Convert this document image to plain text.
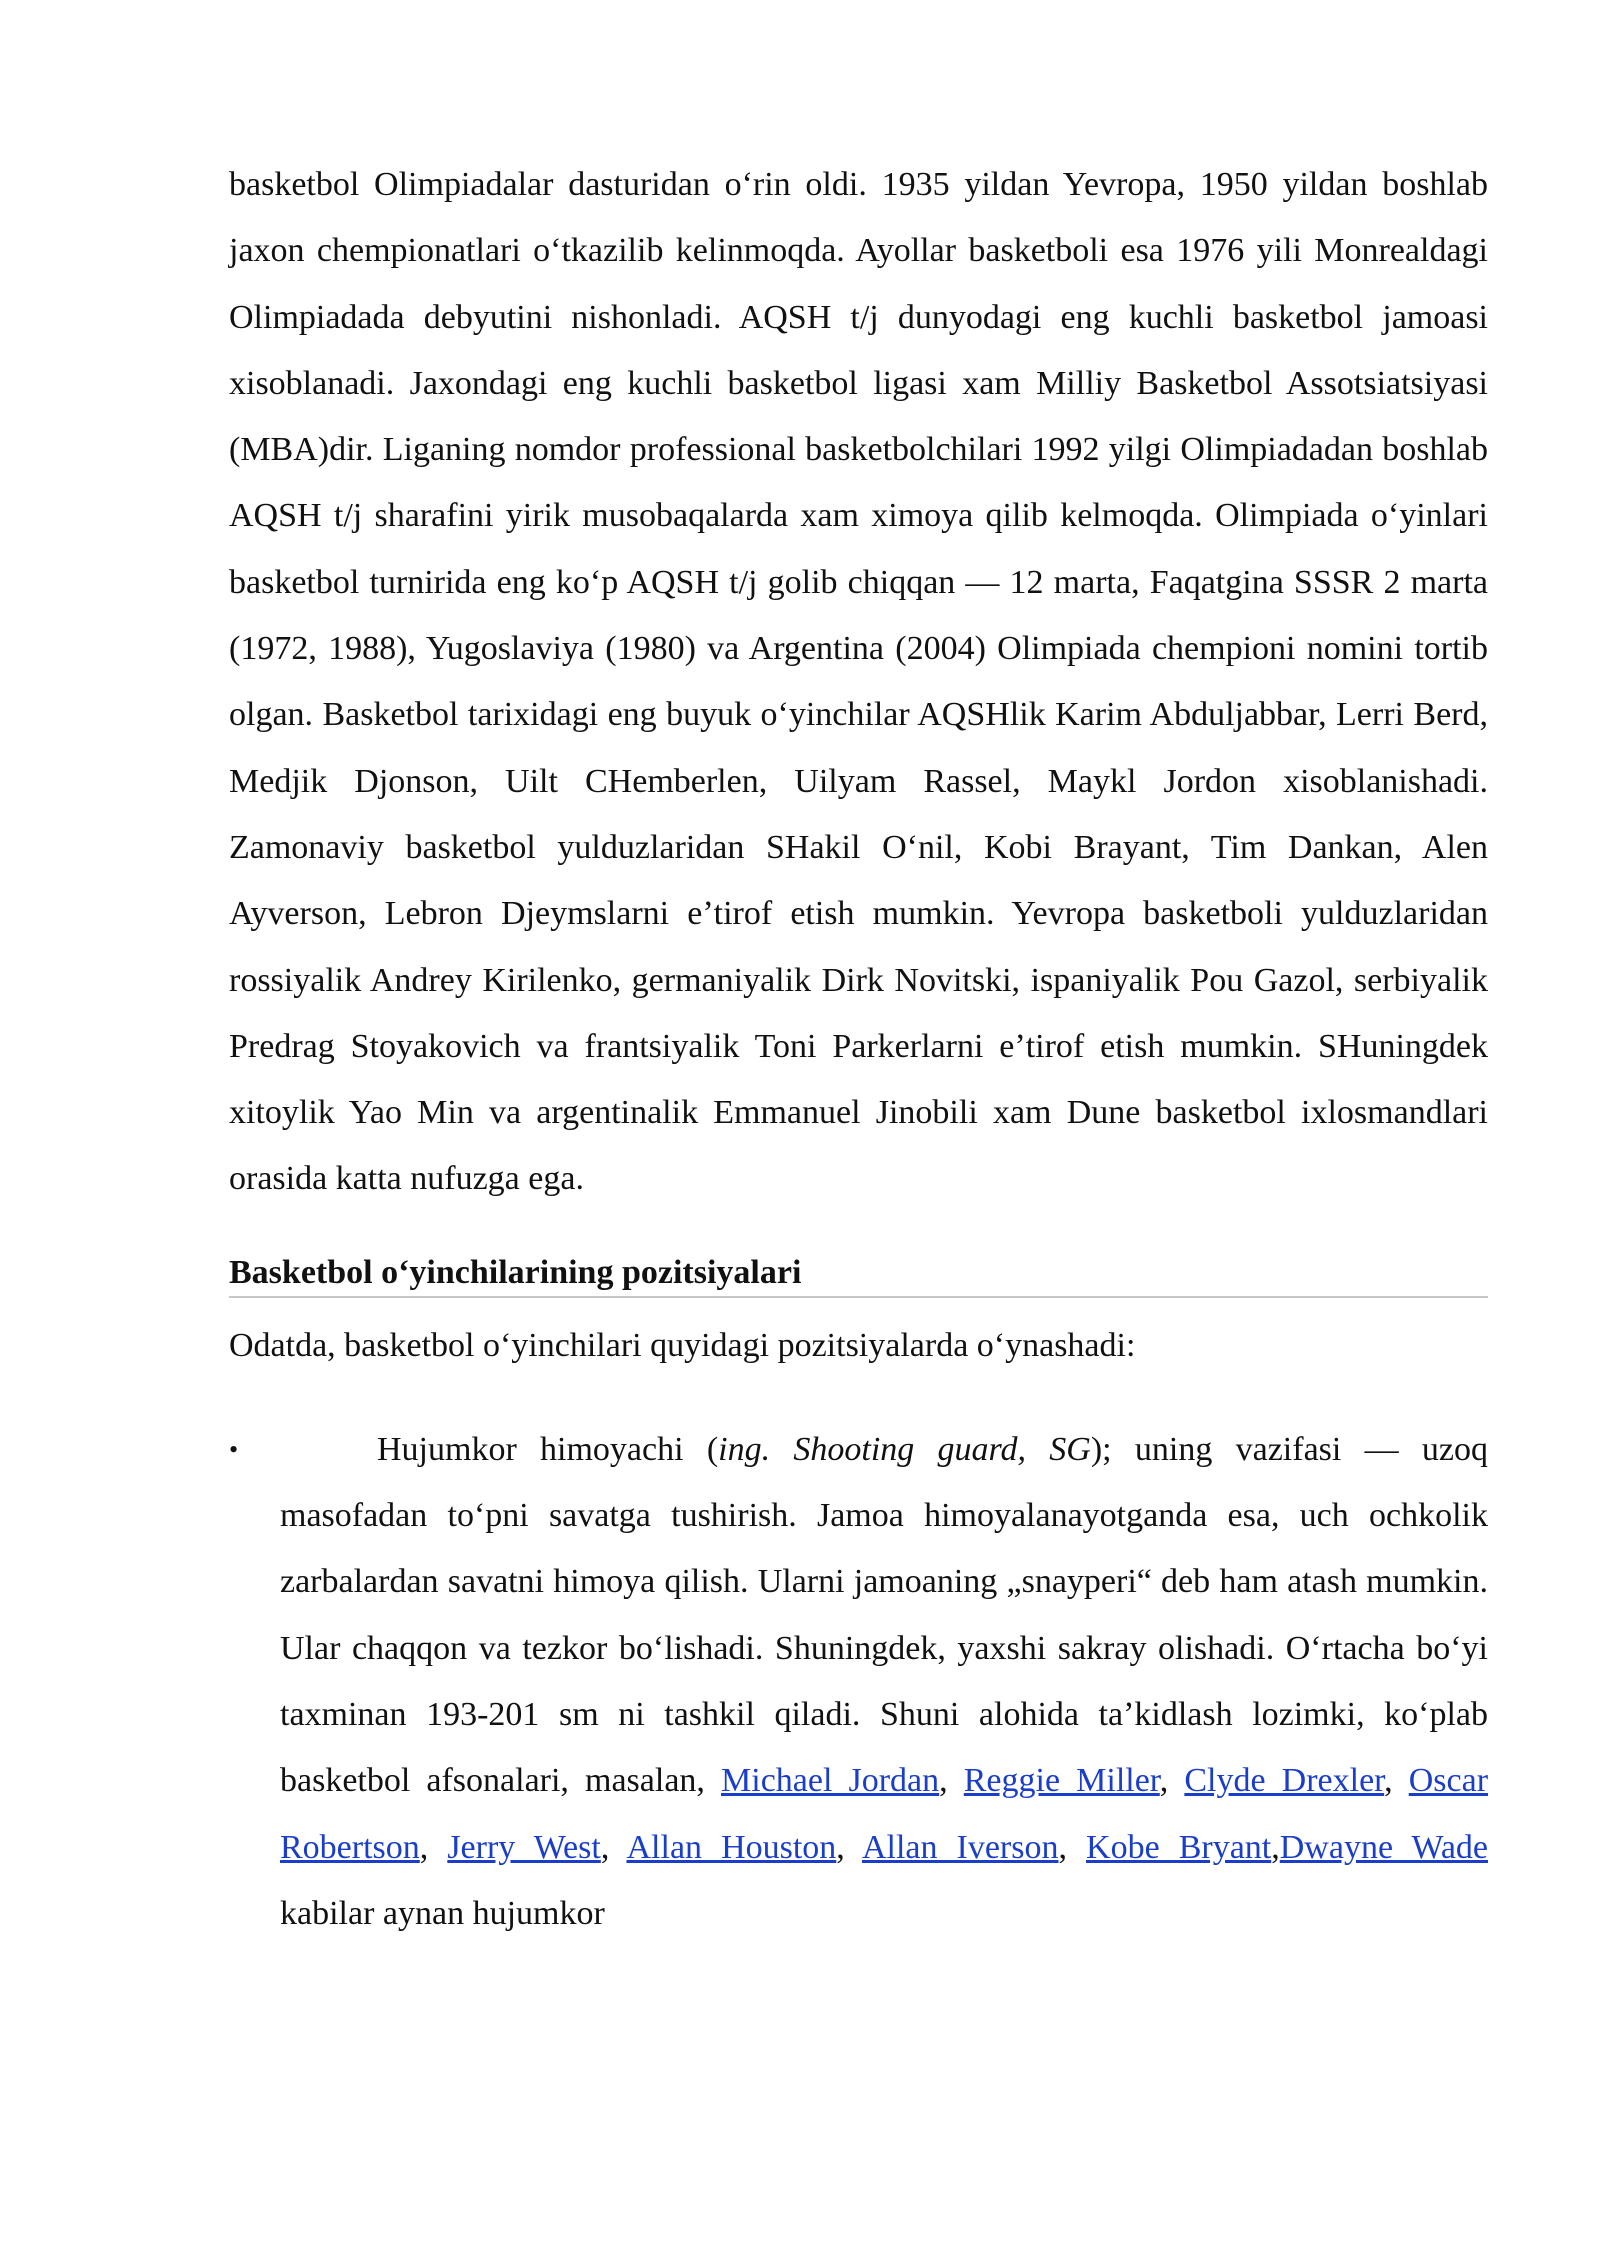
basketbol Olimpiadalar dasturidan oʻrin oldi. 1935 yildan Yevropa, 1950 yildan boshlab jaxon chempionatlari oʻtkazilib kelinmoqda. Ayollar basketboli esa 1976 yili Monrealdagi Olimpiadada debyutini nishonladi. AQSH t/j dunyodagi eng kuchli basketbol jamoasi xisoblanadi. Jaxondagi eng kuchli basketbol ligasi xam Milliy Basketbol Assotsiatsiyasi (MBA)dir. Liganing nomdor professional basketbolchilari 1992 yilgi Olimpiadadan boshlab AQSH t/j sharafini yirik musobaqalarda xam ximoya qilib kelmoqda. Olimpiada oʻyinlari basketbol turnirida eng koʻp AQSH t/j golib chiqqan — 12 marta, Faqatgina SSSR 2 marta (1972, 1988), Yugoslaviya (1980) va Argentina (2004) Olimpiada chempioni nomini tortib olgan. Basketbol tarixidagi eng buyuk oʻyinchilar AQSHlik Karim Abduljabbar, Lerri Berd, Medjik Djonson, Uilt CHemberlen, Uilyam Rassel, Maykl Jordon xisoblanishadi. Zamonaviy basketbol yulduzlaridan SHakil Oʻnil, Kobi Brayant, Tim Dankan, Alen Ayverson, Lebron Djeymslarni eʼtirof etish mumkin. Yevropa basketboli yulduzlaridan rossiyalik Andrey Kirilenko, germaniyalik Dirk Novitski, ispaniyalik Pou Gazol, serbiyalik Predrag Stoyakovich va frantsiyalik Toni Parkerlarni eʼtirof etish mumkin. SHuningdek xitoylik Yao Min va argentinalik Emmanuel Jinobili xam Dune basketbol ixlosmandlari orasida katta nufuzga ega.

Basketbol oʻyinchilarining pozitsiyalari

Odatda, basketbol oʻyinchilari quyidagi pozitsiyalarda oʻynashadi:

•	Hujumkor himoyachi (ing. Shooting guard, SG); uning vazifasi — uzoq masofadan toʻpni savatga tushirish. Jamoa himoyalanayotganda esa, uch ochkolik zarbalardan savatni himoya qilish. Ularni jamoaning „snayperi“ deb ham atash mumkin. Ular chaqqon va tezkor boʻlishadi. Shuningdek, yaxshi sakray olishadi. Oʻrtacha boʻyi taxminan 193-201 sm ni tashkil qiladi. Shuni alohida taʼkidlash lozimki, koʻplab basketbol afsonalari, masalan, Michael Jordan, Reggie Miller, Clyde Drexler, Oscar Robertson, Jerry West, Allan Houston, Allan Iverson, Kobe Bryant,Dwayne Wade kabilar aynan hujumkor
